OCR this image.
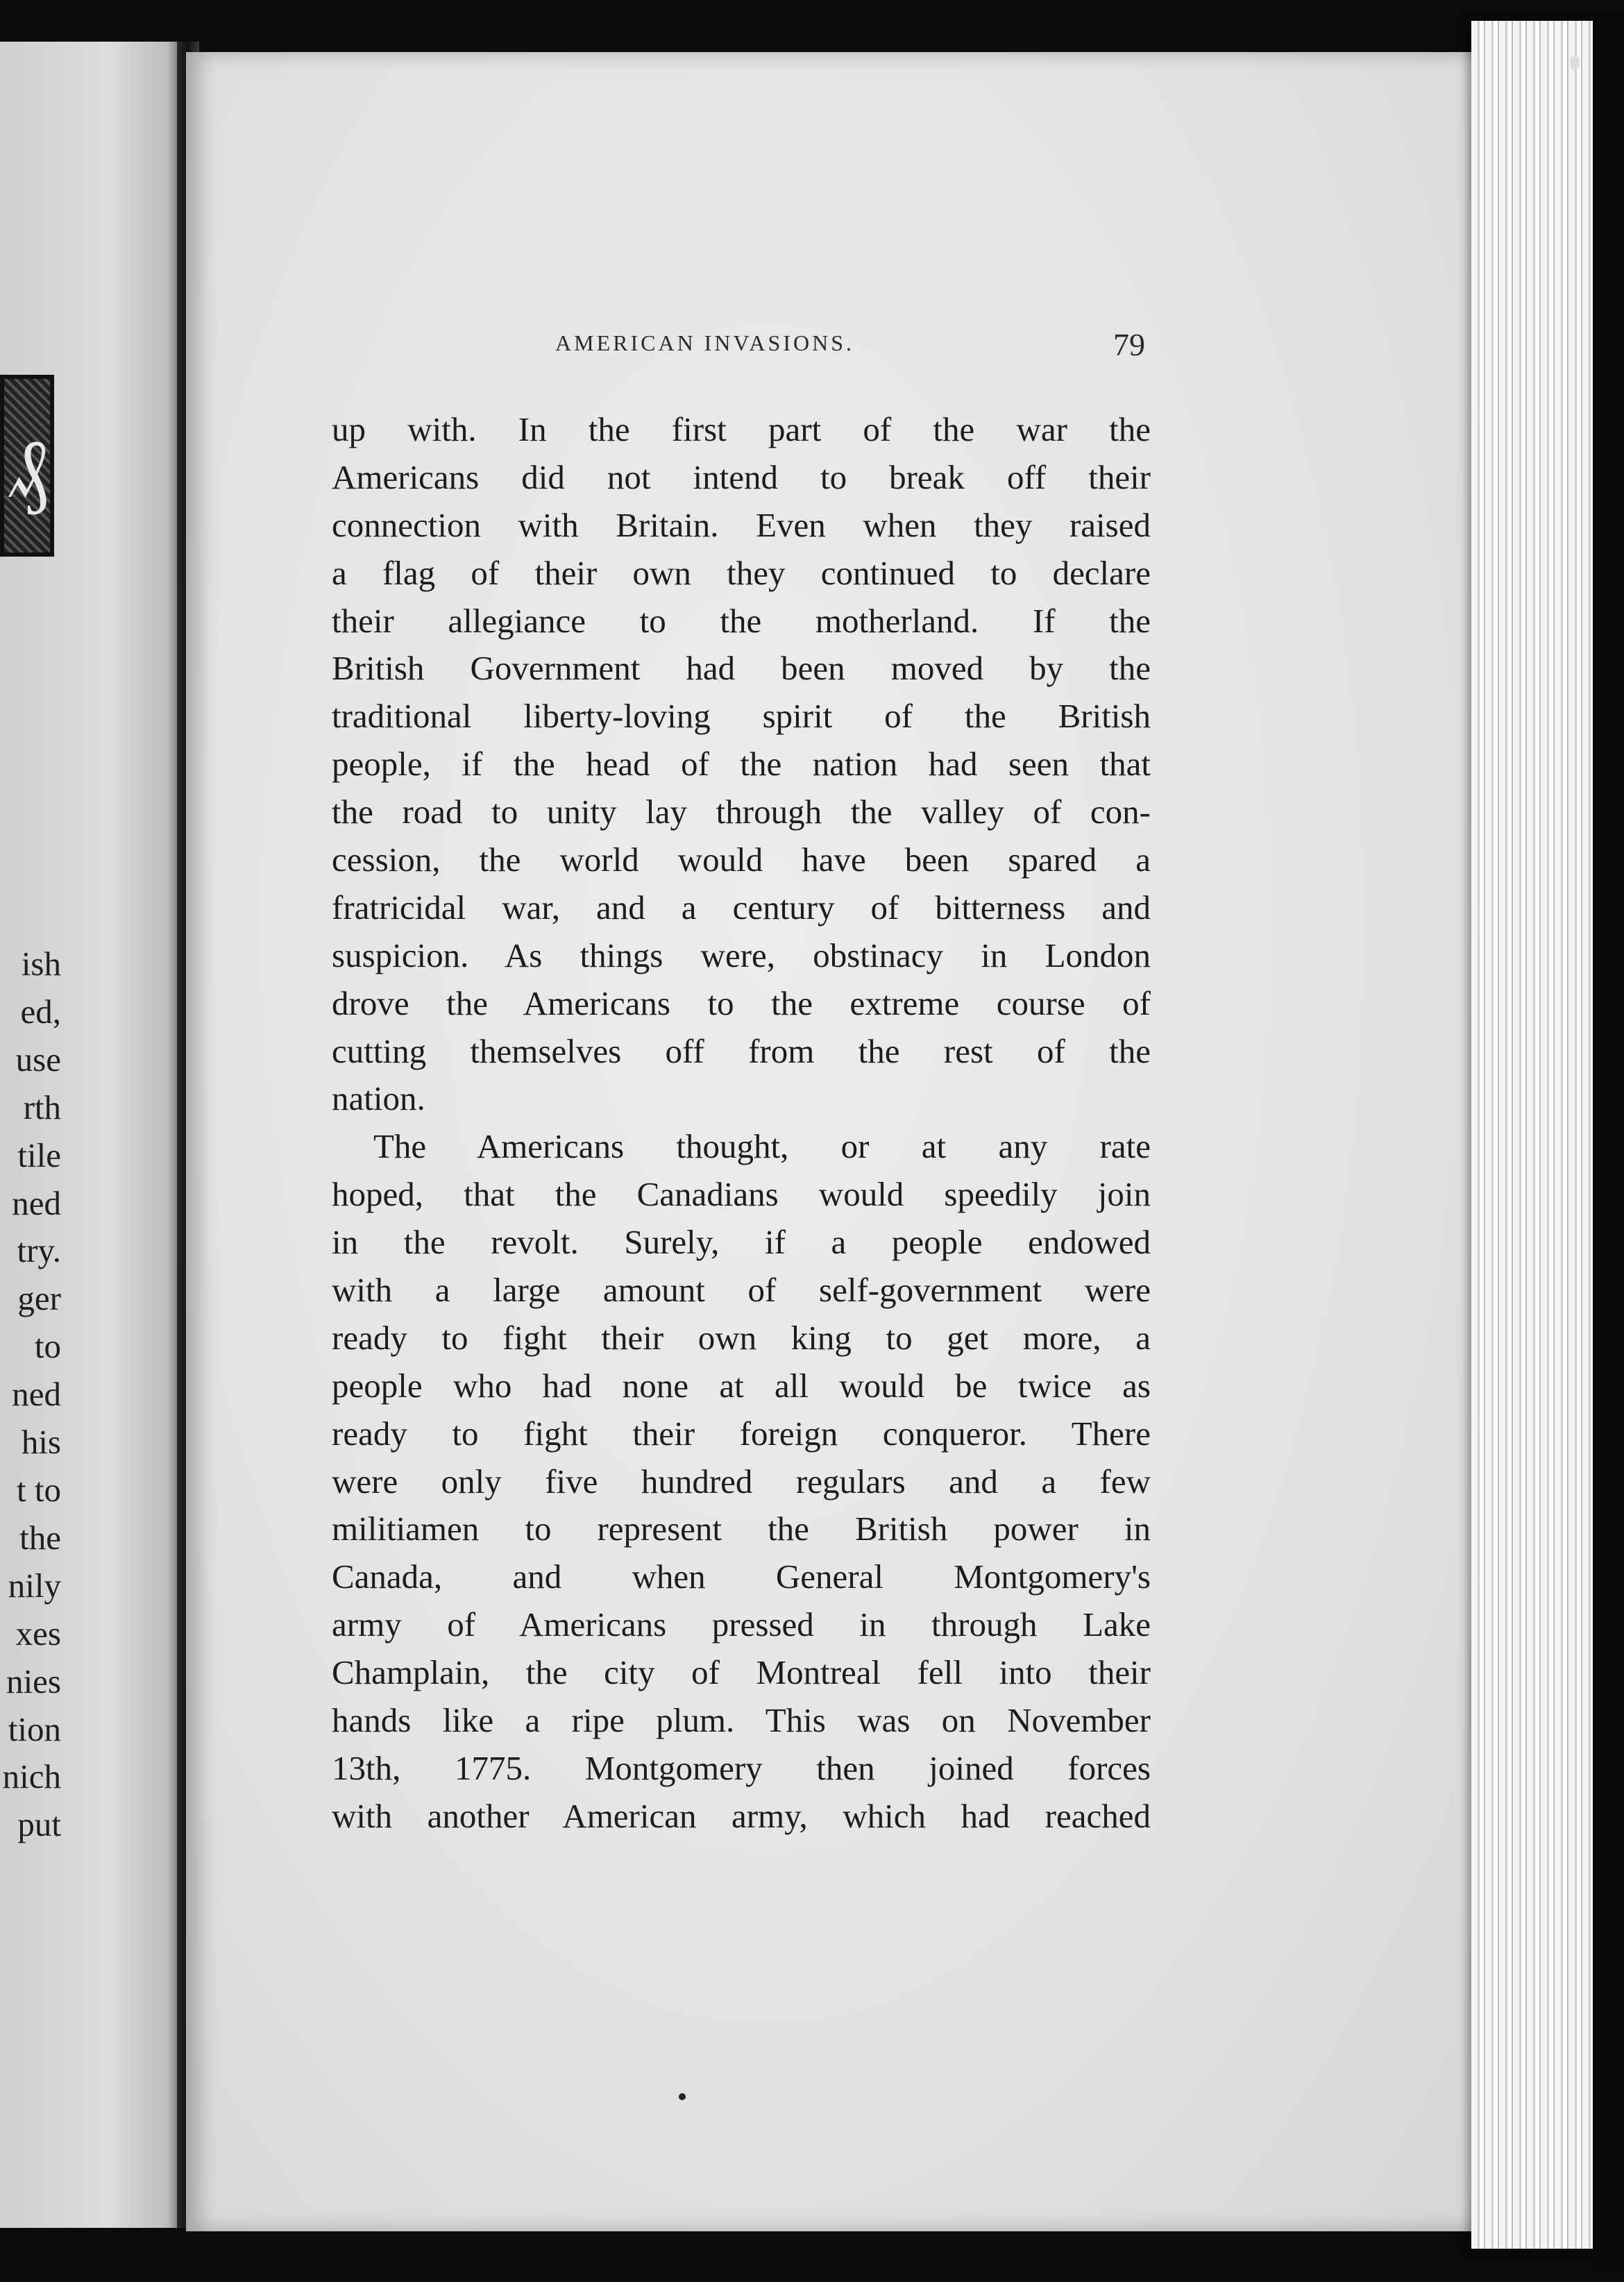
₰
ish
ed,
use
rth
tile
ned
try.
ger
to
ned
his
t to
the
nily
xes
nies
tion
nich
put
AMERICAN INVASIONS.	79
up with. In the first part of the war the
Americans did not intend to break off their
connection with Britain. Even when they raised
a flag of their own they continued to declare
their allegiance to the motherland. If the
British Government had been moved by the
traditional liberty-loving spirit of the British
people, if the head of the nation had seen that
the road to unity lay through the valley of con-
cession, the world would have been spared a
fratricidal war, and a century of bitterness and
suspicion. As things were, obstinacy in London
drove the Americans to the extreme course of
cutting themselves off from the rest of the
nation.
The Americans thought, or at any rate
hoped, that the Canadians would speedily join
in the revolt. Surely, if a people endowed
with a large amount of self-government were
ready to fight their own king to get more, a
people who had none at all would be twice as
ready to fight their foreign conqueror. There
were only five hundred regulars and a few
militiamen to represent the British power in
Canada, and when General Montgomery's
army of Americans pressed in through Lake
Champlain, the city of Montreal fell into their
hands like a ripe plum. This was on November
13th, 1775. Montgomery then joined forces
with another American army, which had reached
